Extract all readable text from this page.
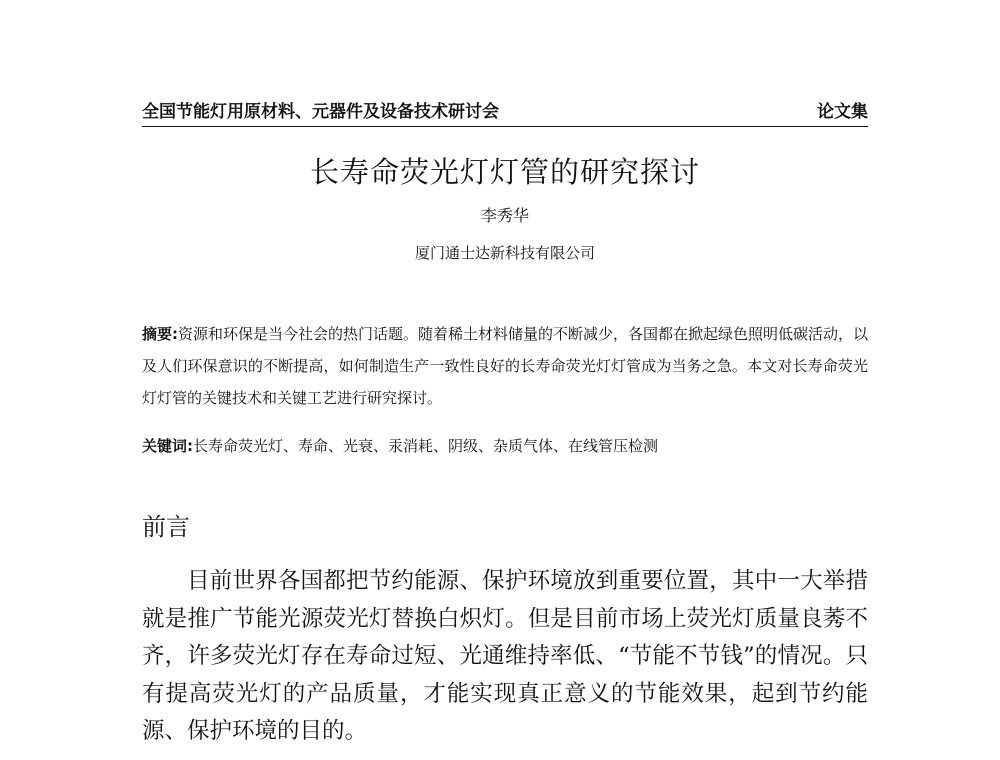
全国节能灯用原材料、元器件及设备技术研讨会	论文集
长寿命荧光灯灯管的研究探讨
李秀华
厦门通士达新科技有限公司

摘要:资源和环保是当今社会的热门话题。随着稀土材料储量的不断减少，各国都在掀起绿色照明低碳活动，以及人们环保意识的不断提高，如何制造生产一致性良好的长寿命荧光灯灯管成为当务之急。本文对长寿命荧光灯灯管的关键技术和关键工艺进行研究探讨。

关键词:长寿命荧光灯、寿命、光衰、汞消耗、阴级、杂质气体、在线管压检测

前言

目前世界各国都把节约能源、保护环境放到重要位置，其中一大举措就是推广节能光源荧光灯替换白炽灯。但是目前市场上荧光灯质量良莠不齐，许多荧光灯存在寿命过短、光通维持率低、“节能不节钱”的情况。只有提高荧光灯的产品质量，才能实现真正意义的节能效果，起到节约能源、保护环境的目的。
